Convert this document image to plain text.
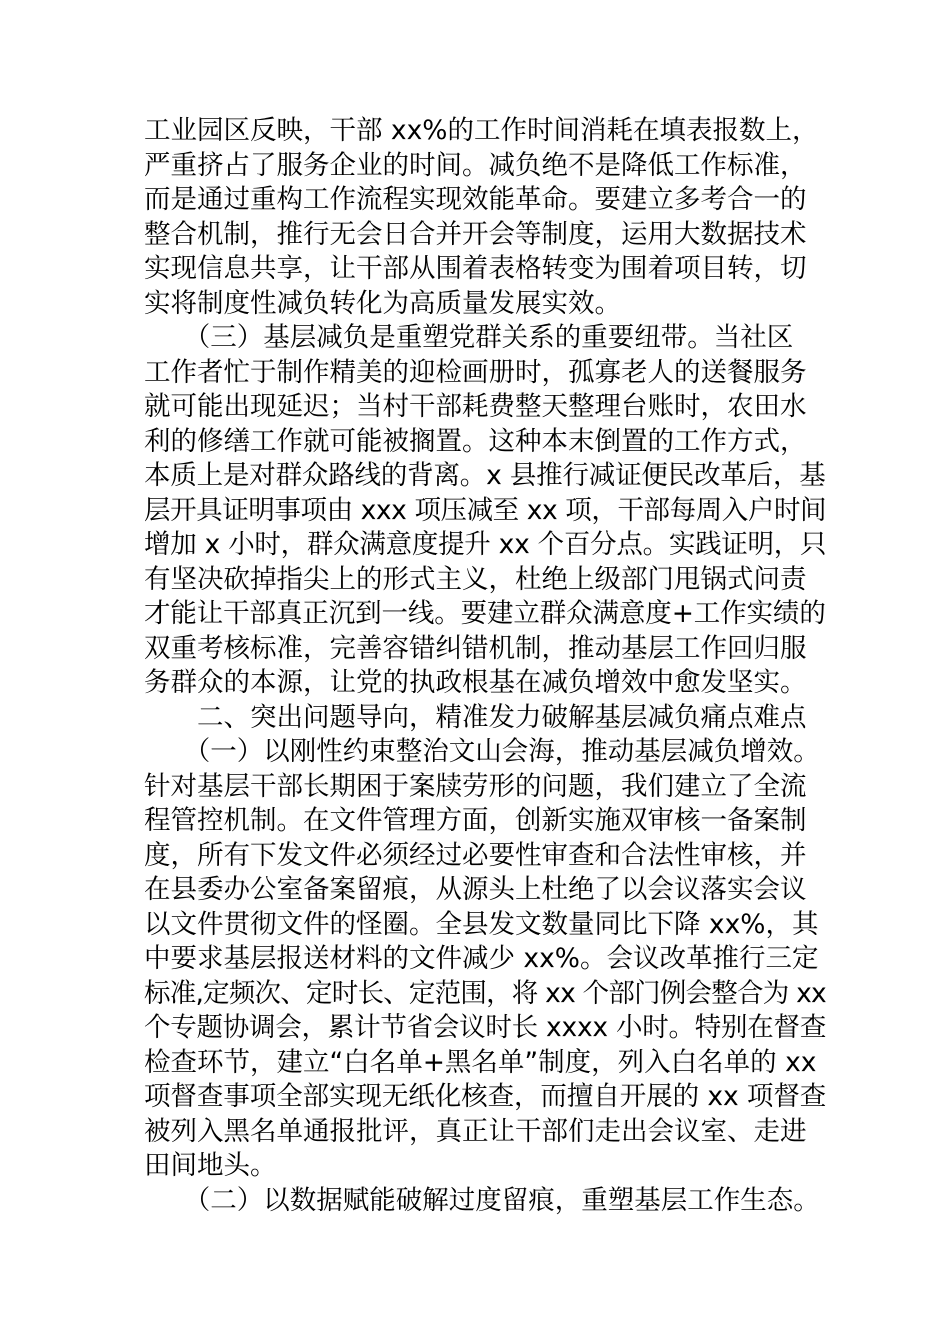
工业园区反映，干部 xx%的工作时间消耗在填表报数上，
严重挤占了服务企业的时间。减负绝不是降低工作标准，
而是通过重构工作流程实现效能革命。要建立多考合一的
整合机制，推行无会日合并开会等制度，运用大数据技术
实现信息共享，让干部从围着表格转变为围着项目转，切
实将制度性减负转化为高质量发展实效。

　　（三）基层减负是重塑党群关系的重要纽带。当社区
工作者忙于制作精美的迎检画册时，孤寡老人的送餐服务
就可能出现延迟；当村干部耗费整天整理台账时，农田水
利的修缮工作就可能被搁置。这种本末倒置的工作方式，
本质上是对群众路线的背离。x 县推行减证便民改革后，基
层开具证明事项由 xxx 项压减至 xx 项，干部每周入户时间
增加 x 小时，群众满意度提升 xx 个百分点。实践证明，只
有坚决砍掉指尖上的形式主义，杜绝上级部门甩锅式问责
才能让干部真正沉到一线。要建立群众满意度+工作实绩的
双重考核标准，完善容错纠错机制，推动基层工作回归服
务群众的本源，让党的执政根基在减负增效中愈发坚实。

　　二、突出问题导向，精准发力破解基层减负痛点难点

　　（一）以刚性约束整治文山会海，推动基层减负增效。
针对基层干部长期困于案牍劳形的问题，我们建立了全流
程管控机制。在文件管理方面，创新实施双审核一备案制
度，所有下发文件必须经过必要性审查和合法性审核，并
在县委办公室备案留痕，从源头上杜绝了以会议落实会议
以文件贯彻文件的怪圈。全县发文数量同比下降 xx%，其
中要求基层报送材料的文件减少 xx%。会议改革推行三定
标准,定频次、定时长、定范围，将 xx 个部门例会整合为 xx
个专题协调会，累计节省会议时长 xxxx 小时。特别在督查
检查环节，建立“白名单+黑名单”制度，列入白名单的 xx
项督查事项全部实现无纸化核查，而擅自开展的 xx 项督查
被列入黑名单通报批评，真正让干部们走出会议室、走进
田间地头。

　　（二）以数据赋能破解过度留痕，重塑基层工作生态。
